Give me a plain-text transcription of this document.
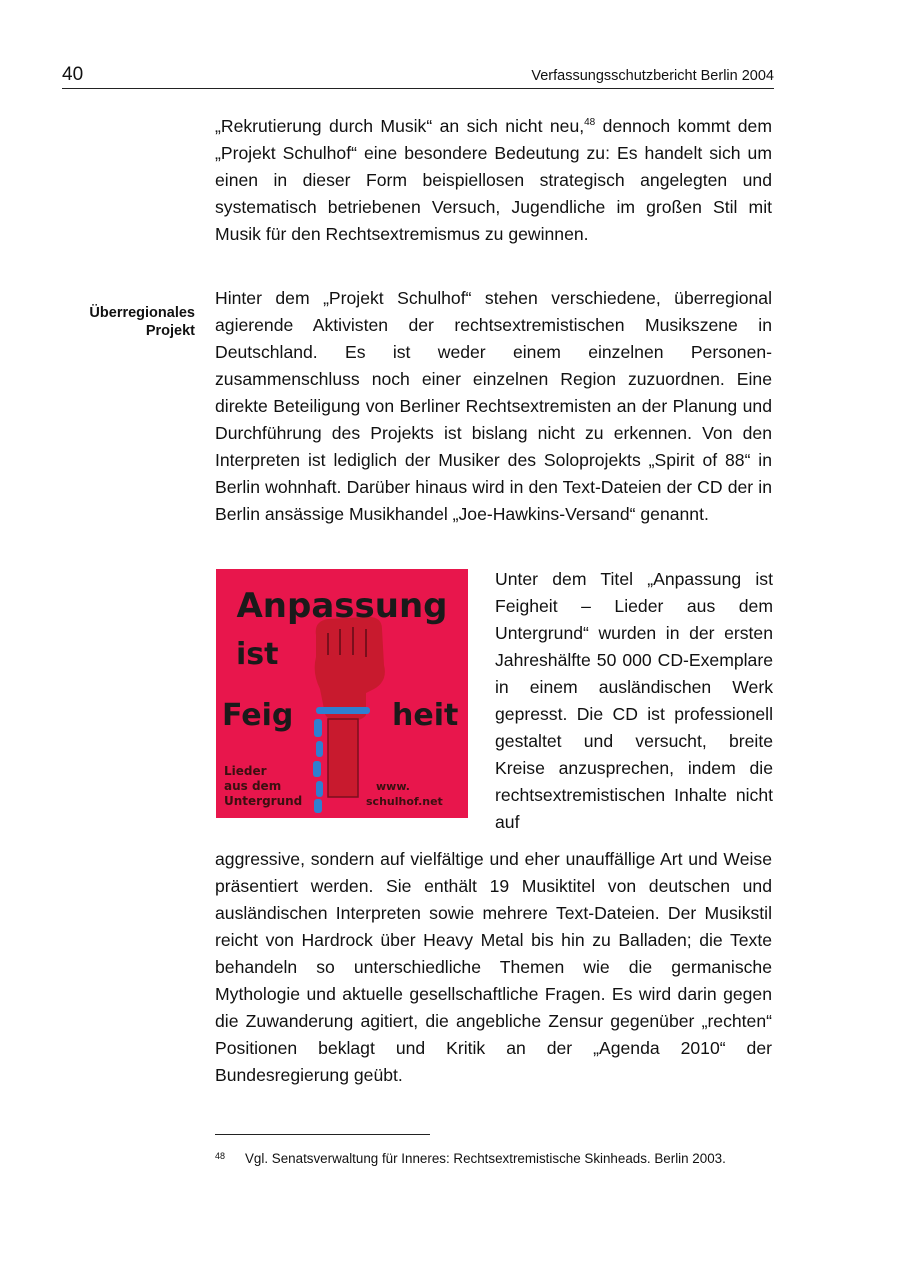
40	Verfassungsschutzbericht Berlin 2004
„Rekrutierung durch Musik“ an sich nicht neu,$^{48}$ dennoch kommt dem „Projekt Schulhof“ eine besondere Bedeutung zu: Es handelt sich um einen in dieser Form beispiellosen strategisch angelegten und systematisch betriebenen Versuch, Jugendliche im großen Stil mit Musik für den Rechtsextremismus zu gewinnen.
Überregionales
Projekt
Hinter dem „Projekt Schulhof“ stehen verschiedene, überregional agierende Aktivisten der rechtsextremistischen Musikszene in Deutschland. Es ist weder einem einzelnen Personenzusammenschluss noch einer einzelnen Region zuzuordnen. Eine direkte Beteiligung von Berliner Rechtsextremisten an der Planung und Durchführung des Projekts ist bislang nicht zu erkennen. Von den Interpreten ist lediglich der Musiker des Soloprojekts „Spirit of 88“ in Berlin wohnhaft. Darüber hinaus wird in den Text-Dateien der CD der in Berlin ansässige Musikhandel „Joe-Hawkins-Versand“ genannt.
Anpassung
ist
Feig	heit
Lieder
aus dem
Untergrund
www.
schulhof.net
Unter dem Titel „Anpassung ist Feigheit – Lieder aus dem Untergrund“ wurden in der ersten Jahreshälfte 50 000 CD-Exemplare in einem ausländischen Werk gepresst. Die CD ist professionell gestaltet und versucht, breite Kreise anzusprechen, indem die rechtsextremistischen Inhalte nicht auf
aggressive, sondern auf vielfältige und eher unauffällige Art und Weise präsentiert werden. Sie enthält 19 Musiktitel von deutschen und ausländischen Interpreten sowie mehrere Text-Dateien. Der Musikstil reicht von Hardrock über Heavy Metal bis hin zu Balladen; die Texte behandeln so unterschiedliche Themen wie die germanische Mythologie und aktuelle gesellschaftliche Fragen. Es wird darin gegen die Zuwanderung agitiert, die angebliche Zensur gegenüber „rechten“ Positionen beklagt und Kritik an der „Agenda 2010“ der Bundesregierung geübt.
48 Vgl. Senatsverwaltung für Inneres: Rechtsextremistische Skinheads. Berlin 2003.
